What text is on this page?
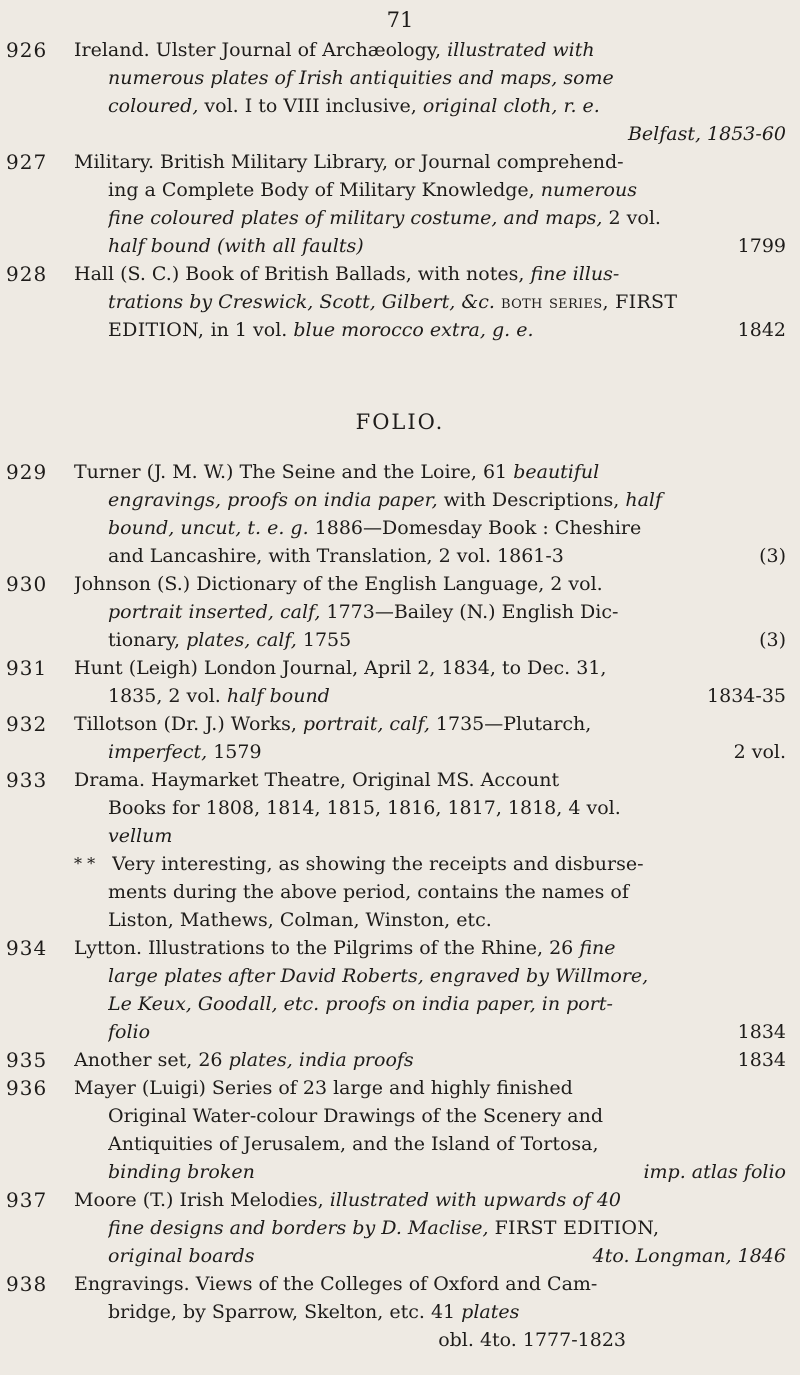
71
926	Ireland. Ulster Journal of Archæology, illustrated with
numerous plates of Irish antiquities and maps, some
coloured, vol. I to VIII inclusive, original cloth, r. e.
Belfast, 1853-60
927	Military. British Military Library, or Journal comprehend-
ing a Complete Body of Military Knowledge, numerous
fine coloured plates of military costume, and maps, 2 vol.
half bound (with all faults)	1799
928	Hall (S. C.) Book of British Ballads, with notes, fine illus-
trations by Creswick, Scott, Gilbert, &c. both series, FIRST
EDITION, in 1 vol. blue morocco extra, g. e.	1842
FOLIO.
929	Turner (J. M. W.) The Seine and the Loire, 61 beautiful
engravings, proofs on india paper, with Descriptions, half
bound, uncut, t. e. g. 1886—Domesday Book : Cheshire
and Lancashire, with Translation, 2 vol. 1861-3	(3)
930	Johnson (S.) Dictionary of the English Language, 2 vol.
portrait inserted, calf, 1773—Bailey (N.) English Dic-
tionary, plates, calf, 1755	(3)
931	Hunt (Leigh) London Journal, April 2, 1834, to Dec. 31,
1835, 2 vol. half bound	1834-35
932	Tillotson (Dr. J.) Works, portrait, calf, 1735—Plutarch,
imperfect, 1579	2 vol.
933	Drama. Haymarket Theatre, Original MS. Account
Books for 1808, 1814, 1815, 1816, 1817, 1818, 4 vol.
vellum
* * Very interesting, as showing the receipts and disburse-
ments during the above period, contains the names of
Liston, Mathews, Colman, Winston, etc.
934	Lytton. Illustrations to the Pilgrims of the Rhine, 26 fine
large plates after David Roberts, engraved by Willmore,
Le Keux, Goodall, etc. proofs on india paper, in port-
folio	1834
935	Another set, 26 plates, india proofs	1834
936	Mayer (Luigi) Series of 23 large and highly finished
Original Water-colour Drawings of the Scenery and
Antiquities of Jerusalem, and the Island of Tortosa,
binding broken	imp. atlas folio
937	Moore (T.) Irish Melodies, illustrated with upwards of 40
fine designs and borders by D. Maclise, FIRST EDITION,
original boards	4to. Longman, 1846
938	Engravings. Views of the Colleges of Oxford and Cam-
bridge, by Sparrow, Skelton, etc. 41 plates
obl. 4to. 1777-1823
